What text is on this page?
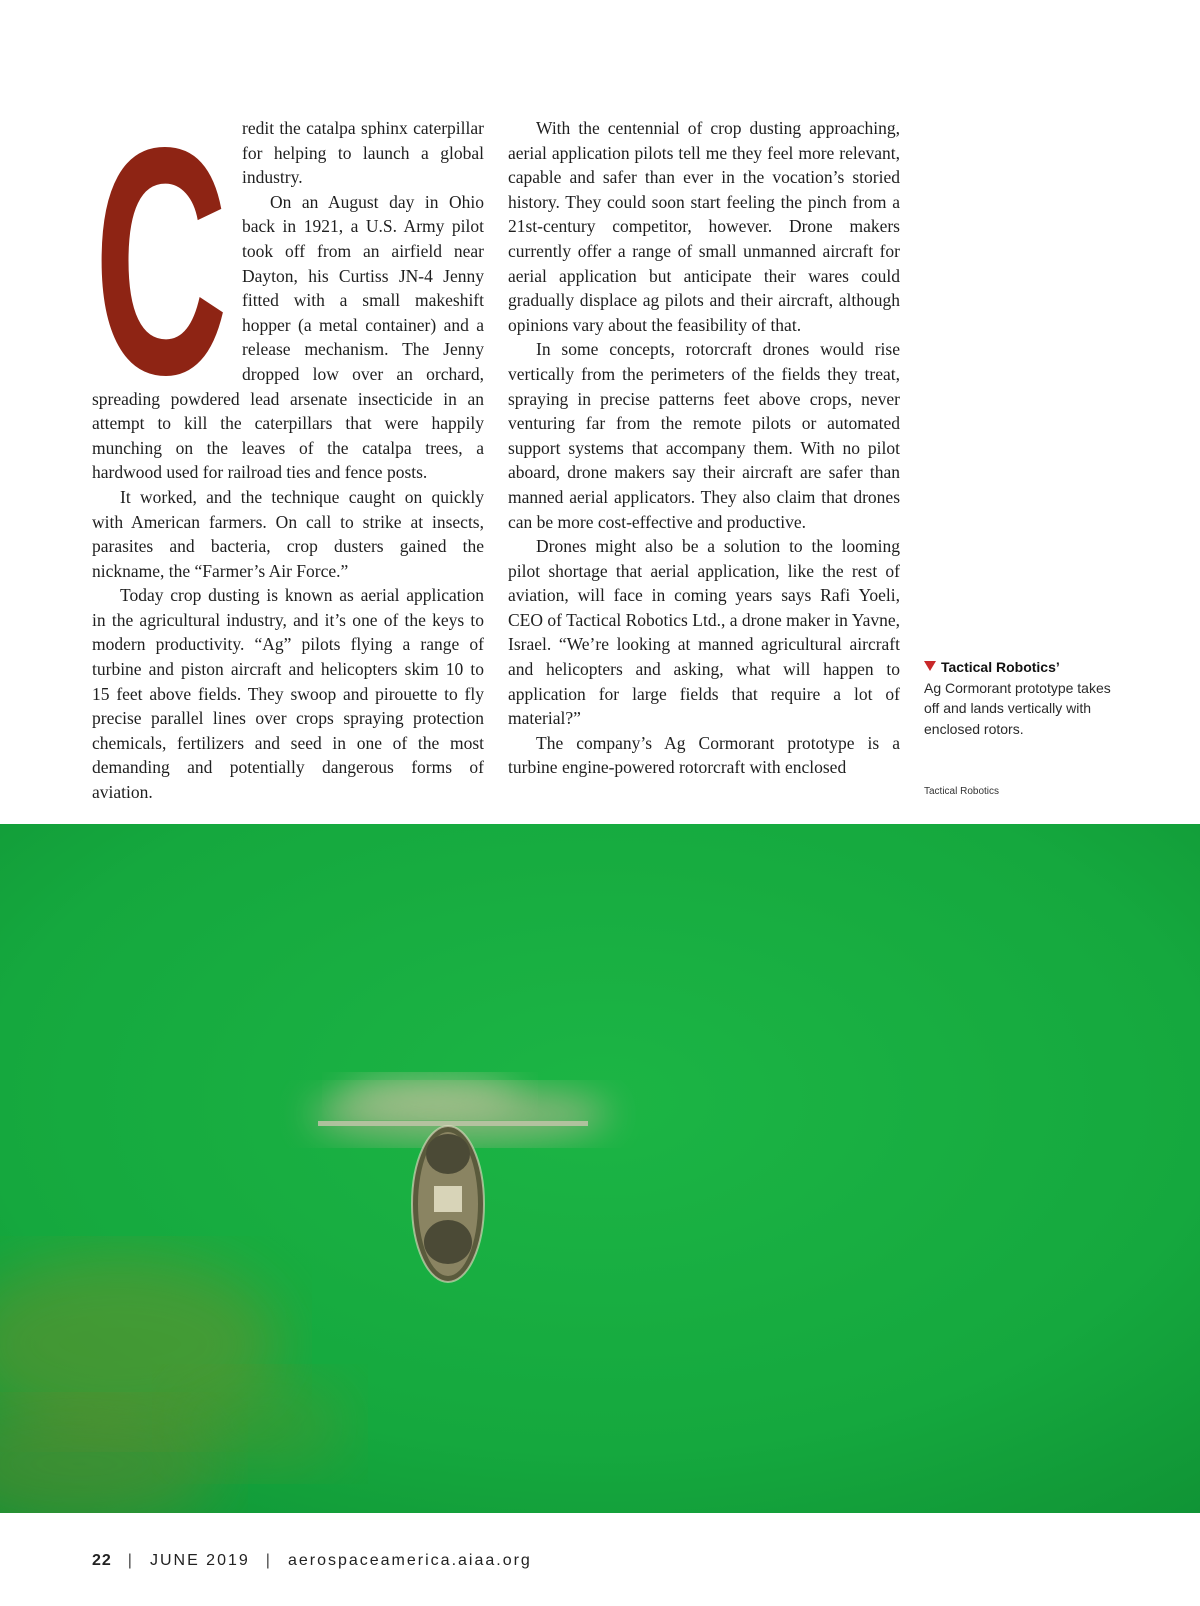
C redit the catalpa sphinx caterpillar for helping to launch a global industry.

On an August day in Ohio back in 1921, a U.S. Army pilot took off from an airfield near Dayton, his Curtiss JN-4 Jenny fitted with a small makeshift hopper (a metal container) and a release mechanism. The Jenny dropped low over an orchard, spreading powdered lead arsenate insecticide in an attempt to kill the caterpillars that were happily munching on the leaves of the catalpa trees, a hardwood used for railroad ties and fence posts.

It worked, and the technique caught on quickly with American farmers. On call to strike at insects, parasites and bacteria, crop dusters gained the nickname, the “Farmer’s Air Force.”

Today crop dusting is known as aerial application in the agricultural industry, and it’s one of the keys to modern productivity. “Ag” pilots flying a range of turbine and piston aircraft and helicopters skim 10 to 15 feet above fields. They swoop and pirouette to fly precise parallel lines over crops spraying protection chemicals, fertilizers and seed in one of the most demanding and potentially dangerous forms of aviation.

With the centennial of crop dusting approaching, aerial application pilots tell me they feel more relevant, capable and safer than ever in the vocation’s storied history. They could soon start feeling the pinch from a 21st-century competitor, however. Drone makers currently offer a range of small unmanned aircraft for aerial application but anticipate their wares could gradually displace ag pilots and their aircraft, although opinions vary about the feasibility of that.

In some concepts, rotorcraft drones would rise vertically from the perimeters of the fields they treat, spraying in precise patterns feet above crops, never venturing far from the remote pilots or automated support systems that accompany them. With no pilot aboard, drone makers say their aircraft are safer than manned aerial applicators. They also claim that drones can be more cost-effective and productive.

Drones might also be a solution to the looming pilot shortage that aerial application, like the rest of aviation, will face in coming years says Rafi Yoeli, CEO of Tactical Robotics Ltd., a drone maker in Yavne, Israel. “We’re looking at manned agricultural aircraft and helicopters and asking, what will happen to application for large fields that require a lot of material?”

The company’s Ag Cormorant prototype is a turbine engine-powered rotorcraft with enclosed

Tactical Robotics’
Ag Cormorant prototype takes off and lands vertically with enclosed rotors.
Tactical Robotics
22 | JUNE 2019 | aerospaceamerica.aiaa.org
